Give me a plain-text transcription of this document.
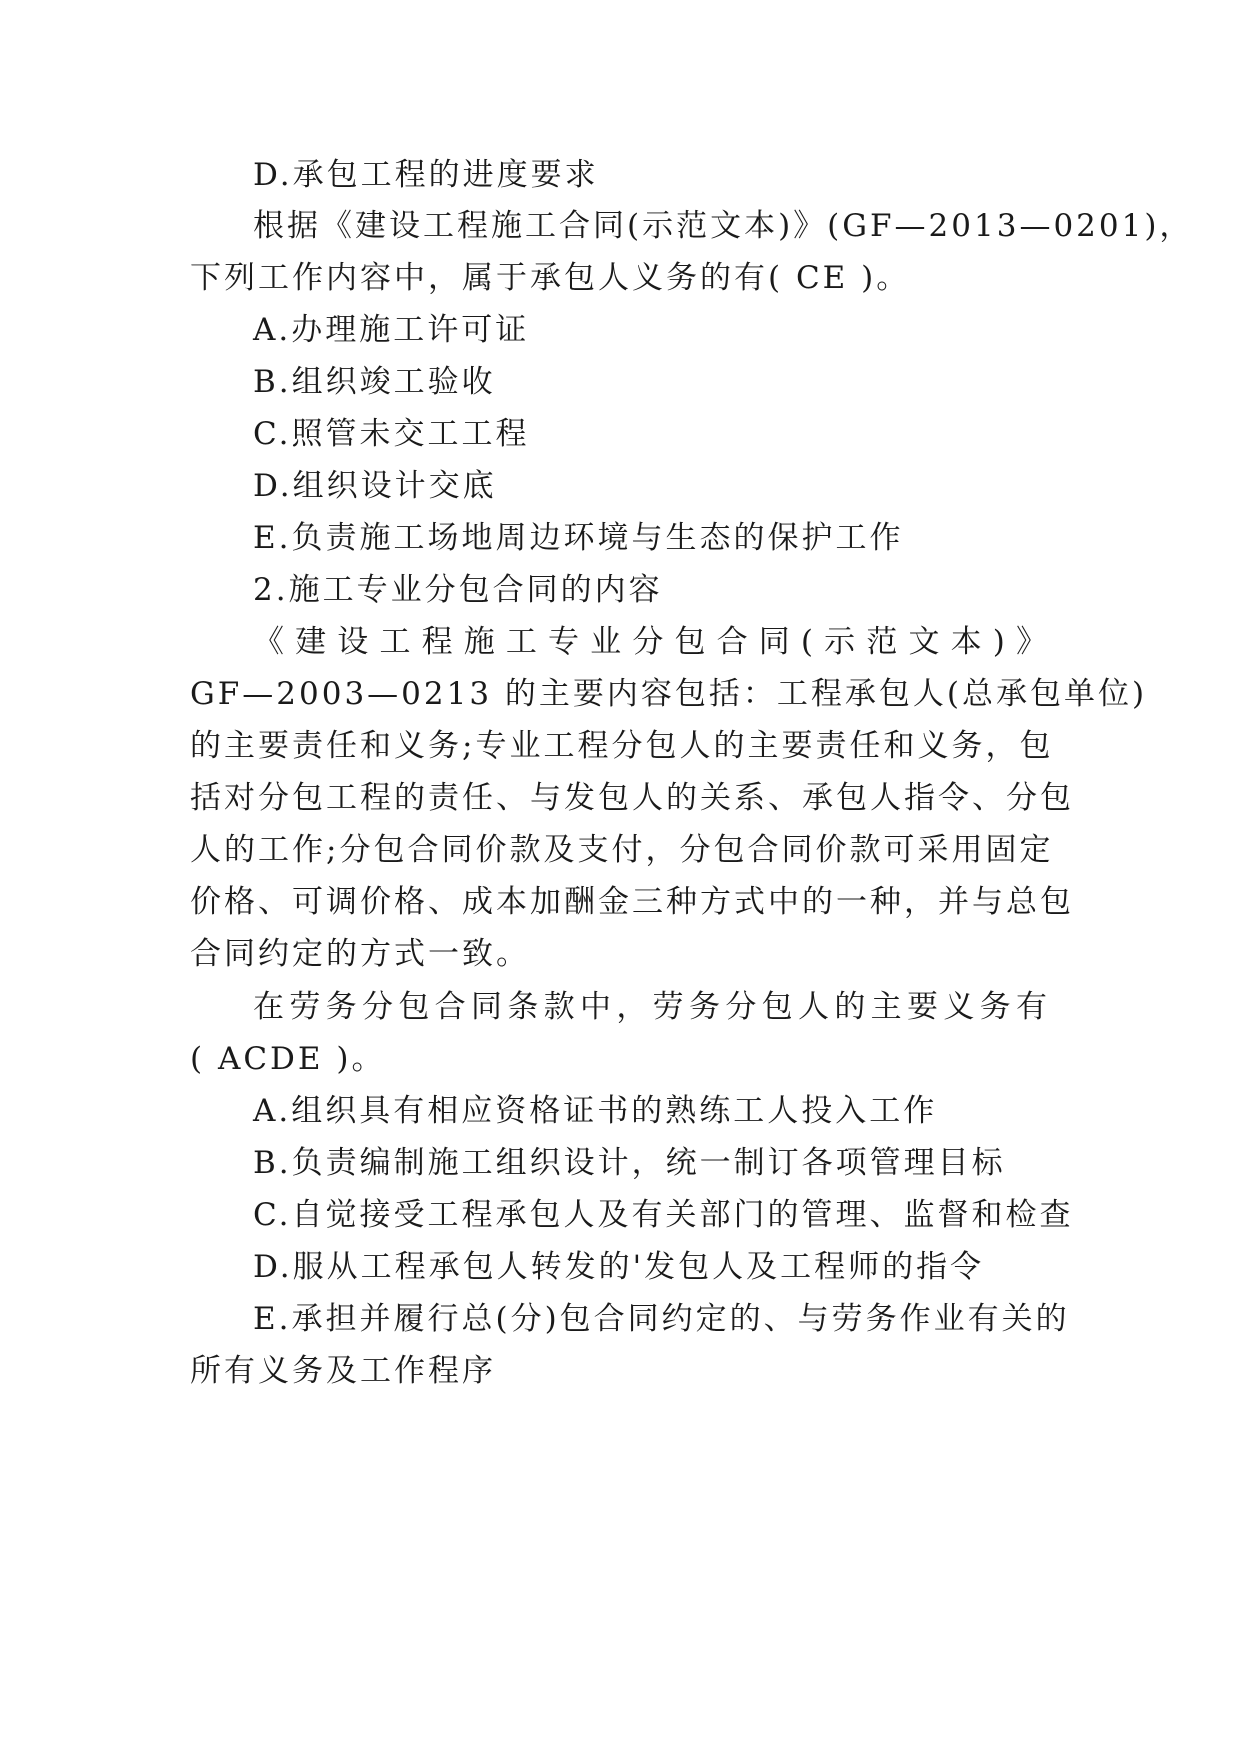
D.承包工程的进度要求
根据《建设工程施工合同(示范文本)》(GF—2013—0201)，
下列工作内容中，属于承包人义务的有( CE )。
A.办理施工许可证
B.组织竣工验收
C.照管未交工工程
D.组织设计交底
E.负责施工场地周边环境与生态的保护工作
2.施工专业分包合同的内容
《建设工程施工专业分包合同(示范文本)》
GF—2003—0213 的主要内容包括：工程承包人(总承包单位)
的主要责任和义务;专业工程分包人的主要责任和义务，包
括对分包工程的责任、与发包人的关系、承包人指令、分包
人的工作;分包合同价款及支付，分包合同价款可采用固定
价格、可调价格、成本加酬金三种方式中的一种，并与总包
合同约定的方式一致。
在劳务分包合同条款中，劳务分包人的主要义务有
( ACDE )。
A.组织具有相应资格证书的熟练工人投入工作
B.负责编制施工组织设计，统一制订各项管理目标
C.自觉接受工程承包人及有关部门的管理、监督和检查
D.服从工程承包人转发的'发包人及工程师的指令
E.承担并履行总(分)包合同约定的、与劳务作业有关的
所有义务及工作程序
